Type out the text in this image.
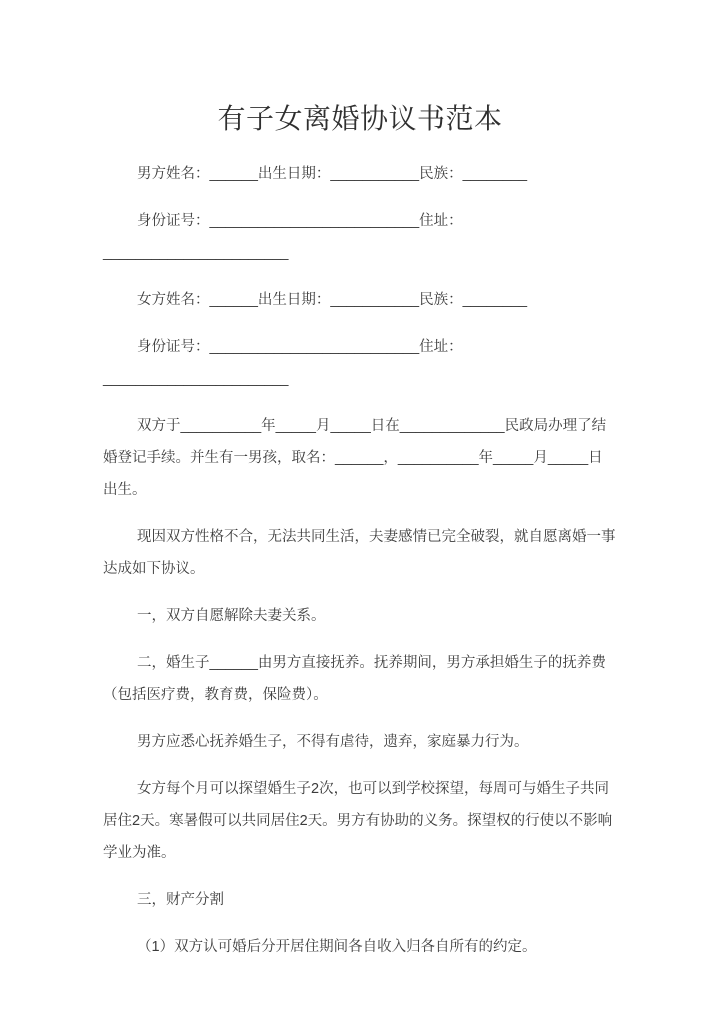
有子女离婚协议书范本

男方姓名：______出生日期：___________民族：________

身份证号：__________________________住址：_______________________

女方姓名：______出生日期：___________民族：________

身份证号：__________________________住址：_______________________

双方于__________年_____月_____日在_____________民政局办理了结婚登记手续。并生有一男孩，取名：______，__________年_____月_____日出生。

现因双方性格不合，无法共同生活，夫妻感情已完全破裂，就自愿离婚一事达成如下协议。

一，双方自愿解除夫妻关系。

二，婚生子______由男方直接抚养。抚养期间，男方承担婚生子的抚养费（包括医疗费，教育费，保险费）。

男方应悉心抚养婚生子，不得有虐待，遗弃，家庭暴力行为。

女方每个月可以探望婚生子2次，也可以到学校探望，每周可与婚生子共同居住2天。寒暑假可以共同居住2天。男方有协助的义务。探望权的行使以不影响学业为准。

三，财产分割

（1）双方认可婚后分开居住期间各自收入归各自所有的约定。
